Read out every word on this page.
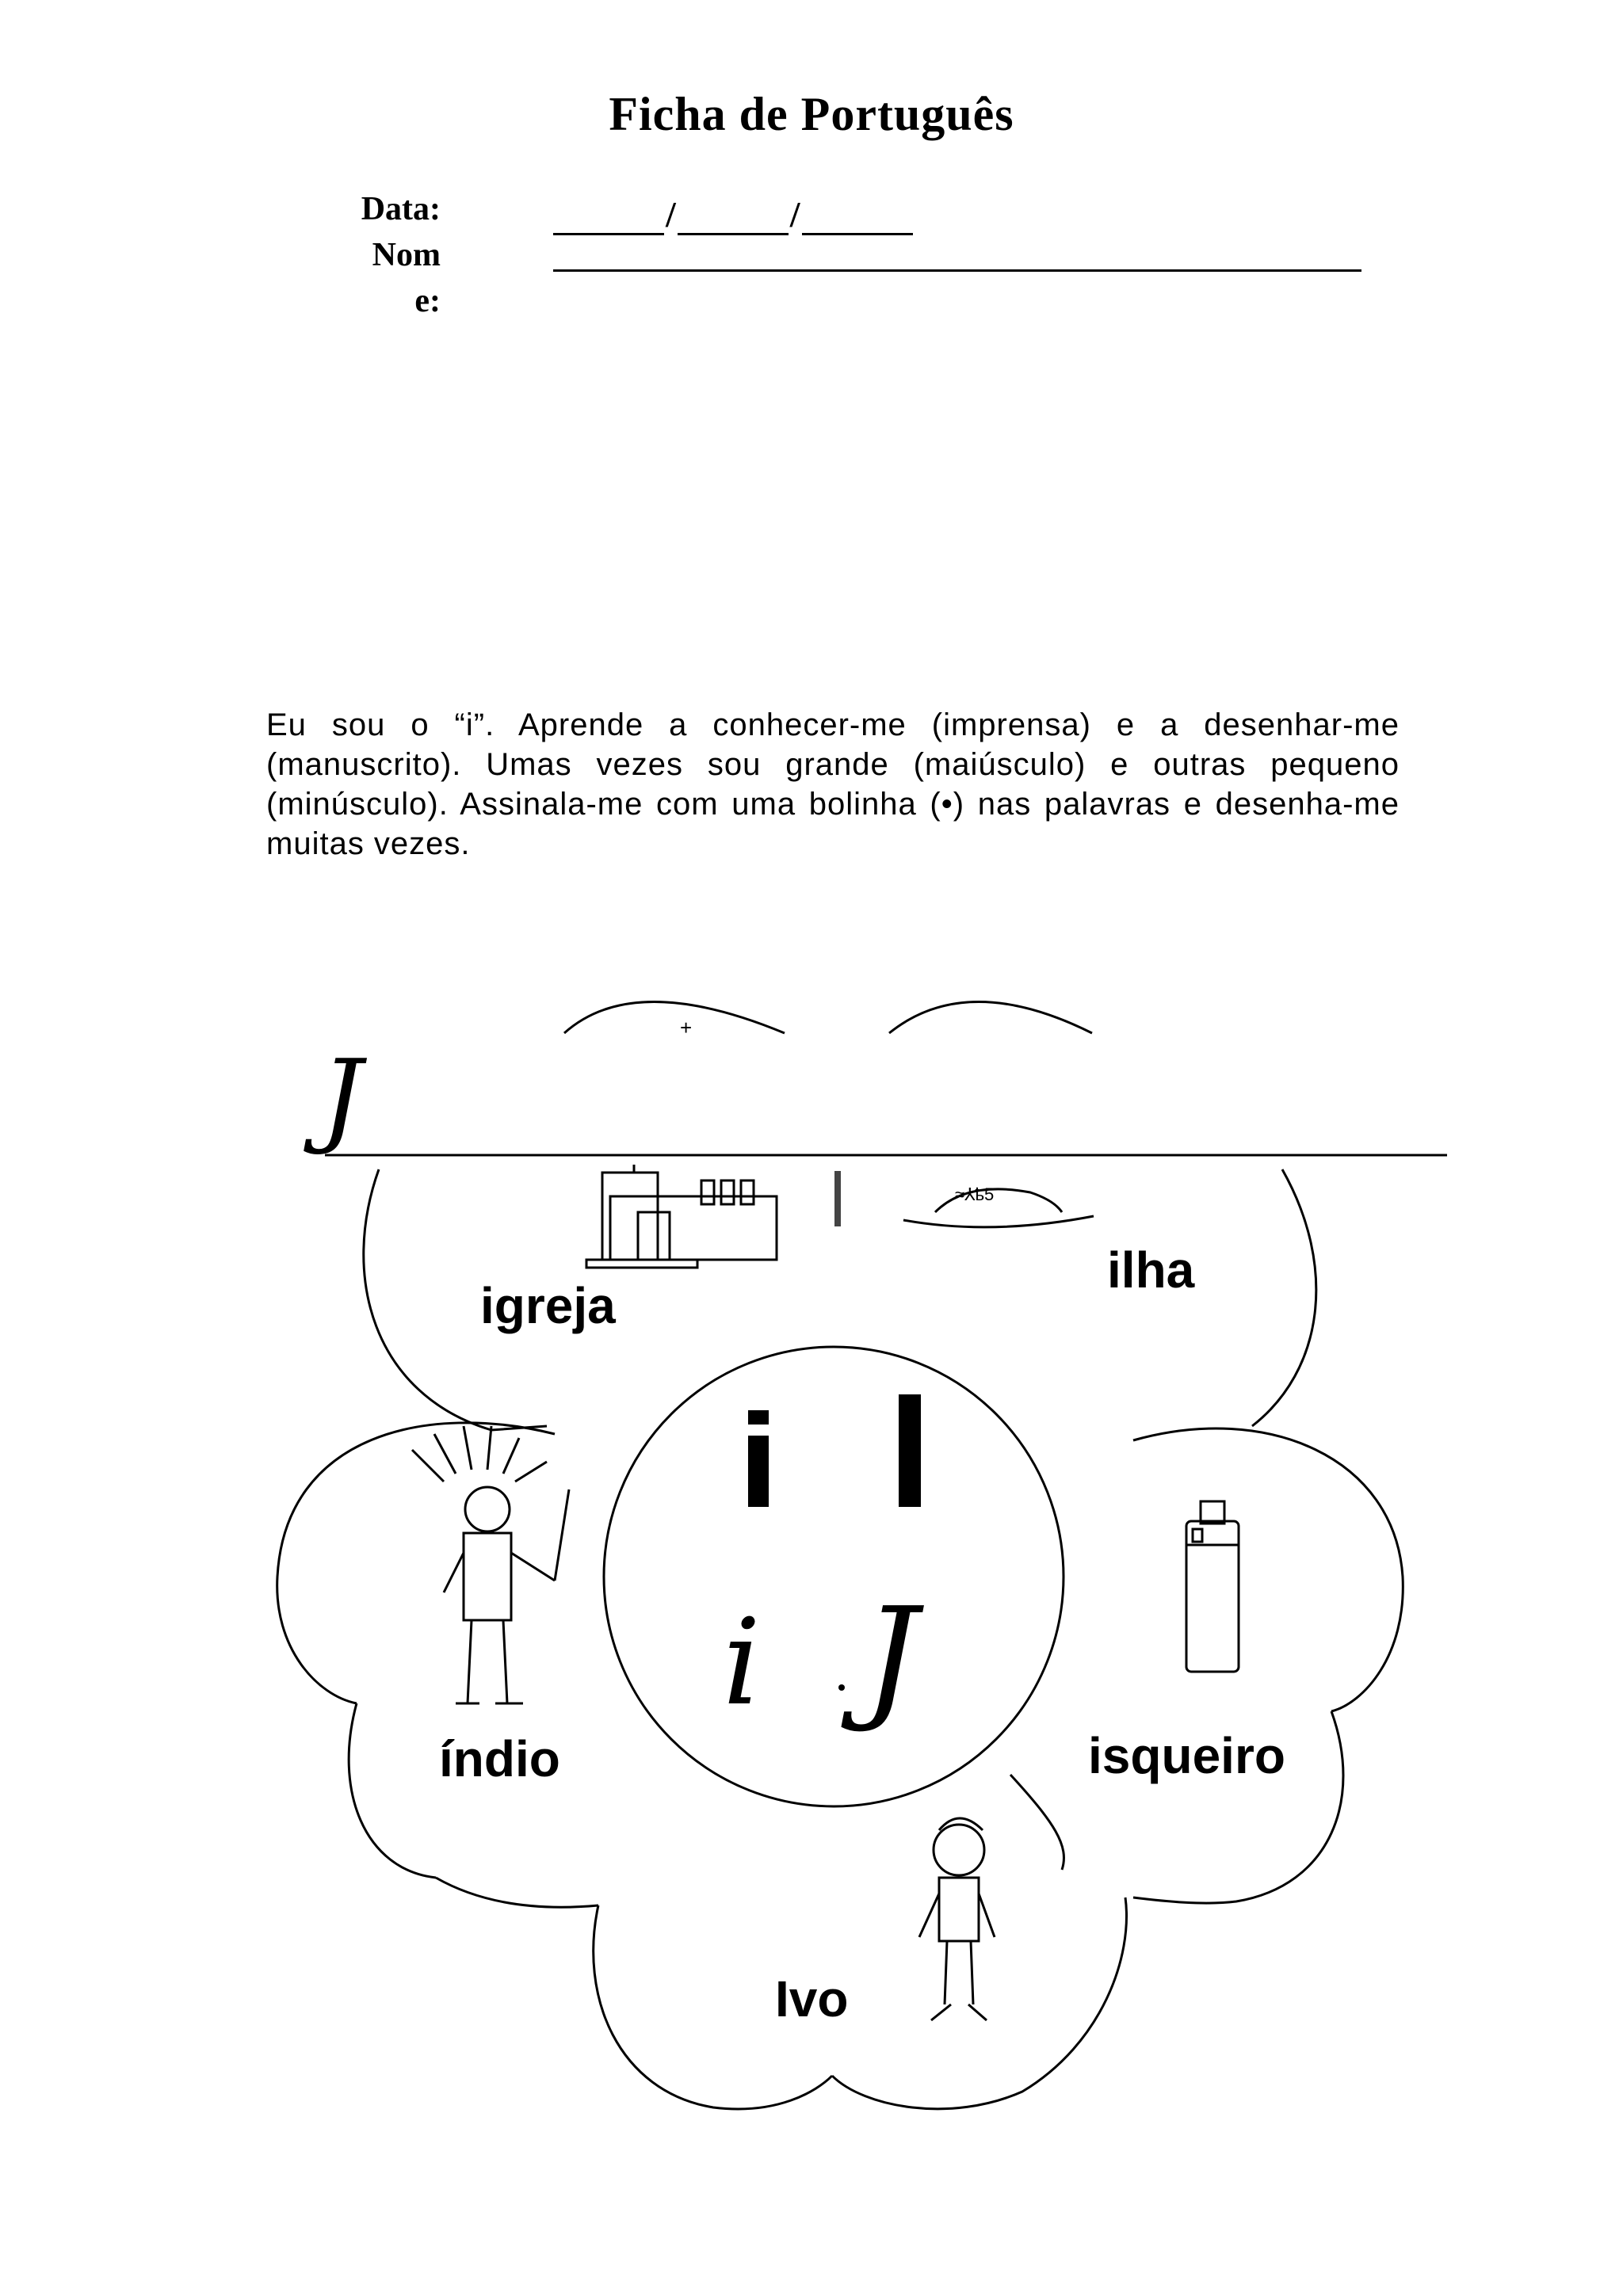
Ficha de Português
Data:	/	/
Nom
e:
Eu sou o “i”. Aprende a conhecer-me (imprensa) e a desenhar-me (manuscrito). Umas vezes sou grande (maiúsculo) e outras pequeno (minúsculo). Assinala-me com uma bolinha (•) nas palavras e desenha-me muitas vezes.
+
J
i J
≈⅄ҍ5
igreja
ilha
índio	isqueiro
Ivo
